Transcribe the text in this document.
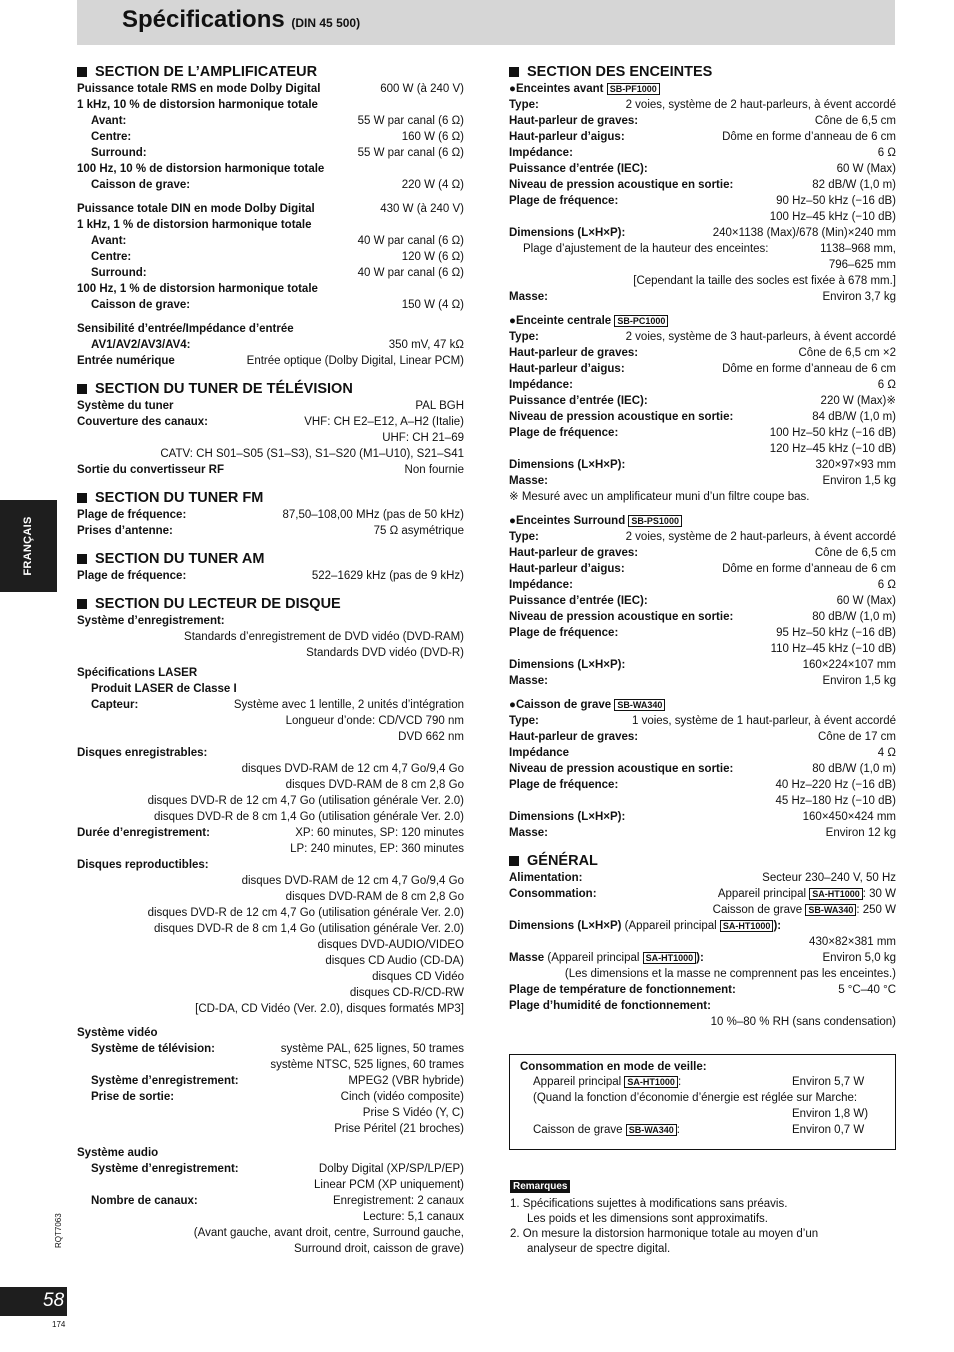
Spécifications (DIN 45 500)
FRANÇAIS
RQT7063
58
174
SECTION DE L’AMPLIFICATEUR
Puissance totale RMS en mode Dolby Digital	600 W (à 240 V)
1 kHz, 10 % de distorsion harmonique totale
Avant:	55 W par canal (6 Ω)
Centre:	160 W (6 Ω)
Surround:	55 W par canal (6 Ω)
100 Hz, 10 % de distorsion harmonique totale
Caisson de grave:	220 W (4 Ω)
Puissance totale DIN en mode Dolby Digital	430 W (à 240 V)
1 kHz, 1 % de distorsion harmonique totale
Avant:	40 W par canal (6 Ω)
Centre:	120 W (6 Ω)
Surround:	40 W par canal (6 Ω)
100 Hz, 1 % de distorsion harmonique totale
Caisson de grave:	150 W (4 Ω)
Sensibilité d’entrée/Impédance d’entrée
AV1/AV2/AV3/AV4:	350 mV, 47 kΩ
Entrée numérique	Entrée optique (Dolby Digital, Linear PCM)
SECTION DU TUNER DE TÉLÉVISION
Système du tuner	PAL BGH
Couverture des canaux:	VHF: CH E2–E12, A–H2 (Italie)
UHF: CH 21–69
CATV: CH S01–S05 (S1–S3), S1–S20 (M1–U10), S21–S41
Sortie du convertisseur RF	Non fournie
SECTION DU TUNER FM
Plage de fréquence:	87,50–108,00 MHz (pas de 50 kHz)
Prises d’antenne:	75 Ω asymétrique
SECTION DU TUNER AM
Plage de fréquence:	522–1629 kHz (pas de 9 kHz)
SECTION DU LECTEUR DE DISQUE
Système d’enregistrement:
Standards d’enregistrement de DVD vidéo (DVD-RAM)
Standards DVD vidéo (DVD-R)
Spécifications LASER
Produit LASER de Classe I
Capteur:	Système avec 1 lentille, 2 unités d’intégration
Longueur d’onde: CD/VCD 790 nm
DVD 662 nm
Disques enregistrables:
disques DVD-RAM de 12 cm 4,7 Go/9,4 Go
disques DVD-RAM de 8 cm 2,8 Go
disques DVD-R de 12 cm 4,7 Go (utilisation générale Ver. 2.0)
disques DVD-R de 8 cm 1,4 Go (utilisation générale Ver. 2.0)
Durée d’enregistrement:	XP: 60 minutes, SP: 120 minutes
LP: 240 minutes, EP: 360 minutes
Disques reproductibles:
disques DVD-RAM de 12 cm 4,7 Go/9,4 Go
disques DVD-RAM de 8 cm 2,8 Go
disques DVD-R de 12 cm 4,7 Go (utilisation générale Ver. 2.0)
disques DVD-R de 8 cm 1,4 Go (utilisation générale Ver. 2.0)
disques DVD-AUDIO/VIDEO
disques CD Audio (CD-DA)
disques CD Vidéo
disques CD-R/CD-RW
[CD-DA, CD Vidéo (Ver. 2.0), disques formatés MP3]
Système vidéo
Système de télévision:	système PAL, 625 lignes, 50 trames
système NTSC, 525 lignes, 60 trames
Système d’enregistrement:	MPEG2 (VBR hybride)
Prise de sortie:	Cinch (vidéo composite)
Prise S Vidéo (Y, C)
Prise Péritel (21 broches)
Système audio
Système d’enregistrement:	Dolby Digital (XP/SP/LP/EP)
Linear PCM (XP uniquement)
Nombre de canaux:	Enregistrement: 2 canaux
Lecture: 5,1 canaux
(Avant gauche, avant droit, centre, Surround gauche,
Surround droit, caisson de grave)
SECTION DES ENCEINTES
●Enceintes avant SB-PF1000
Type:	2 voies, système de 2 haut-parleurs, à évent accordé
Haut-parleur de graves:	Cône de 6,5 cm
Haut-parleur d’aigus:	Dôme en forme d’anneau de 6 cm
Impédance:	6 Ω
Puissance d’entrée (IEC):	60 W (Max)
Niveau de pression acoustique en sortie:	82 dB/W (1,0 m)
Plage de fréquence:	90 Hz–50 kHz (−16 dB)
100 Hz–45 kHz (−10 dB)
Dimensions (L×H×P):	240×1138 (Max)/678 (Min)×240 mm
Plage d’ajustement de la hauteur des enceintes:	1138–968 mm,
796–625 mm
[Cependant la taille des socles est fixée à 678 mm.]
Masse:	Environ 3,7 kg
●Enceinte centrale SB-PC1000
Type:	2 voies, système de 3 haut-parleurs, à évent accordé
Haut-parleur de graves:	Cône de 6,5 cm ×2
Haut-parleur d’aigus:	Dôme en forme d’anneau de 6 cm
Impédance:	6 Ω
Puissance d’entrée (IEC):	220 W (Max)※
Niveau de pression acoustique en sortie:	84 dB/W (1,0 m)
Plage de fréquence:	100 Hz–50 kHz (−16 dB)
120 Hz–45 kHz (−10 dB)
Dimensions (L×H×P):	320×97×93 mm
Masse:	Environ 1,5 kg
※ Mesuré avec un amplificateur muni d’un filtre coupe bas.
●Enceintes Surround SB-PS1000
Type:	2 voies, système de 2 haut-parleurs, à évent accordé
Haut-parleur de graves:	Cône de 6,5 cm
Haut-parleur d’aigus:	Dôme en forme d’anneau de 6 cm
Impédance:	6 Ω
Puissance d’entrée (IEC):	60 W (Max)
Niveau de pression acoustique en sortie:	80 dB/W (1,0 m)
Plage de fréquence:	95 Hz–50 kHz (−16 dB)
110 Hz–45 kHz (−10 dB)
Dimensions (L×H×P):	160×224×107 mm
Masse:	Environ 1,5 kg
●Caisson de grave SB-WA340
Type:	1 voies, système de 1 haut-parleur, à évent accordé
Haut-parleur de graves:	Cône de 17 cm
Impédance	4 Ω
Niveau de pression acoustique en sortie:	80 dB/W (1,0 m)
Plage de fréquence:	40 Hz–220 Hz (−16 dB)
45 Hz–180 Hz (−10 dB)
Dimensions (L×H×P):	160×450×424 mm
Masse:	Environ 12 kg
GÉNÉRAL
Alimentation:	Secteur 230–240 V, 50 Hz
Consommation:	Appareil principal SA-HT1000 : 30 W
Caisson de grave SB-WA340 : 250 W
Dimensions (L×H×P) (Appareil principal SA-HT1000 ):
430×82×381 mm
Masse (Appareil principal SA-HT1000 ):	Environ 5,0 kg
(Les dimensions et la masse ne comprennent pas les enceintes.)
Plage de température de fonctionnement:	5 °C–40 °C
Plage d’humidité de fonctionnement:
10 %–80 % RH (sans condensation)
Consommation en mode de veille:
Appareil principal SA-HT1000 :	Environ 5,7 W
(Quand la fonction d’économie d’énergie est réglée sur Marche:
Environ 1,8 W)
Caisson de grave SB-WA340 :	Environ 0,7 W
Remarques
1. Spécifications sujettes à modifications sans préavis.
Les poids et les dimensions sont approximatifs.
2. On mesure la distorsion harmonique totale au moyen d’un
analyseur de spectre digital.
